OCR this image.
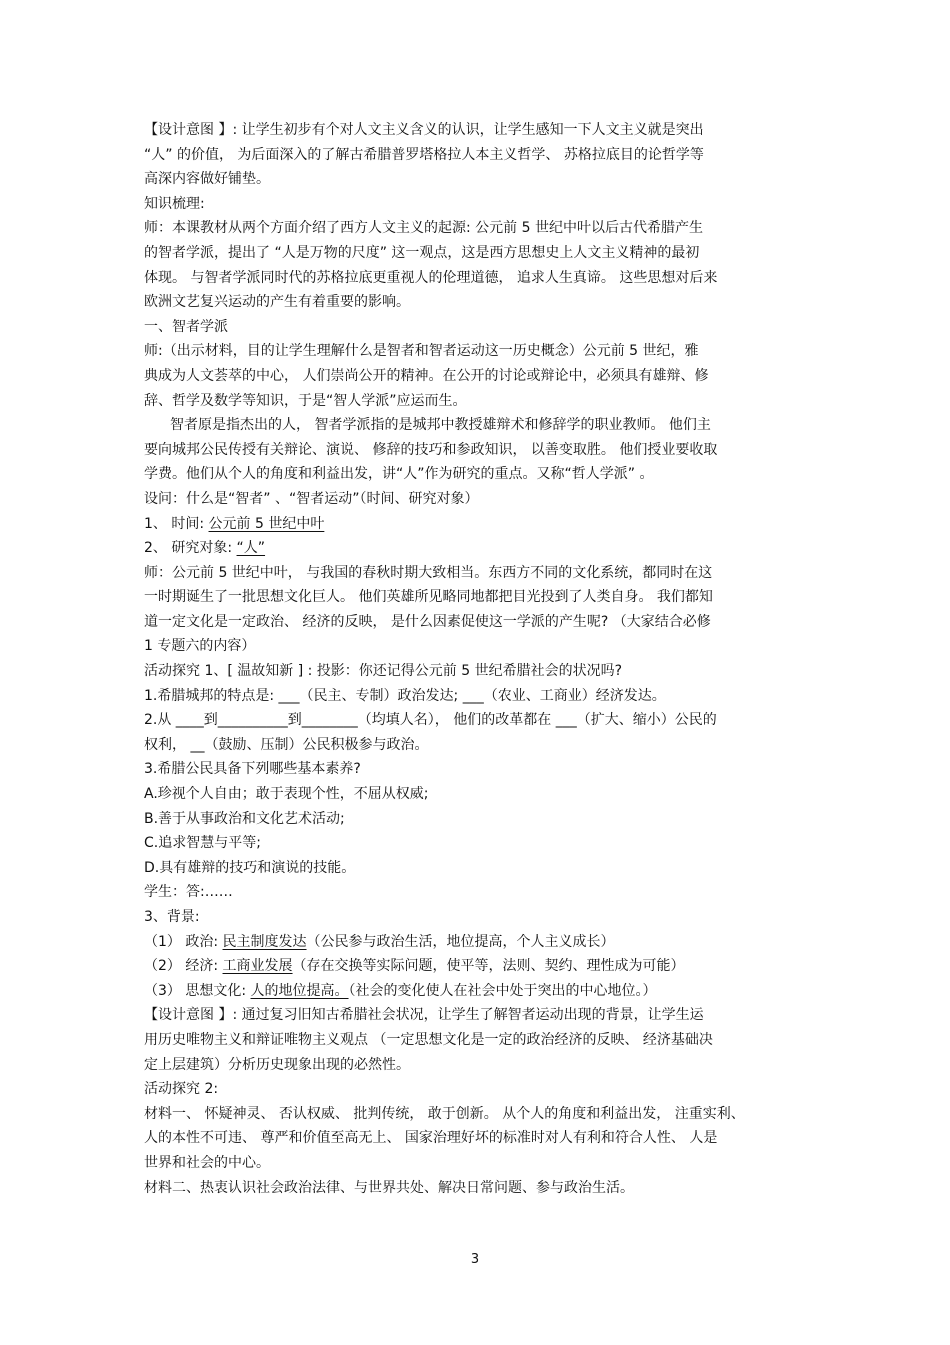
【设计意图 】: 让学生初步有个对人文主义含义的认识，让学生感知一下人文主义就是突出

“人” 的价值， 为后面深入的了解古希腊普罗塔格拉人本主义哲学、 苏格拉底目的论哲学等

高深内容做好铺垫。

知识梳理:

师：本课教材从两个方面介绍了西方人文主义的起源: 公元前 5 世纪中叶以后古代希腊产生

的智者学派，提出了 “人是万物的尺度” 这一观点，这是西方思想史上人文主义精神的最初

体现。 与智者学派同时代的苏格拉底更重视人的伦理道德， 追求人生真谛。 这些思想对后来

欧洲文艺复兴运动的产生有着重要的影响。

一、智者学派

师:（出示材料，目的让学生理解什么是智者和智者运动这一历史概念）公元前 5 世纪，雅

典成为人文荟萃的中心， 人们崇尚公开的精神。在公开的讨论或辩论中，必须具有雄辩、修

辞、哲学及数学等知识，于是“智人学派”应运而生。

智者原是指杰出的人， 智者学派指的是城邦中教授雄辩术和修辞学的职业教师。 他们主

要向城邦公民传授有关辩论、演说、 修辞的技巧和参政知识， 以善变取胜。 他们授业要收取

学费。他们从个人的角度和利益出发，讲“人”作为研究的重点。又称“哲人学派” 。

设问：什么是“智者” 、“智者运动”（时间、研究对象）

1、 时间: 公元前 5 世纪中叶

2、 研究对象: “人”

师：公元前 5 世纪中叶， 与我国的春秋时期大致相当。东西方不同的文化系统，都同时在这

一时期诞生了一批思想文化巨人。 他们英雄所见略同地都把目光投到了人类自身。 我们都知

道一定文化是一定政治、 经济的反映， 是什么因素促使这一学派的产生呢? （大家结合必修

1 专题六的内容）

活动探究 1、[ 温故知新 ] : 投影：你还记得公元前 5 世纪希腊社会的状况吗?

1.希腊城邦的特点是: ___（民主、专制）政治发达; ___（农业、工商业）经济发达。

2.从 ____到__________到________（均填人名）， 他们的改革都在 ___（扩大、缩小）公民的

权利， __（鼓励、压制）公民积极参与政治。

3.希腊公民具备下列哪些基本素养?

A.珍视个人自由；敢于表现个性，不屈从权威;

B.善于从事政治和文化艺术活动;

C.追求智慧与平等;

D.具有雄辩的技巧和演说的技能。

学生：答:……

3、背景:

（1） 政治: 民主制度发达（公民参与政治生活，地位提高，个人主义成长）

（2） 经济: 工商业发展（存在交换等实际问题，使平等，法则、契约、理性成为可能）

（3） 思想文化: 人的地位提高。（社会的变化使人在社会中处于突出的中心地位。）

【设计意图 】: 通过复习旧知古希腊社会状况，让学生了解智者运动出现的背景，让学生运

用历史唯物主义和辩证唯物主义观点 （一定思想文化是一定的政治经济的反映、 经济基础决

定上层建筑）分析历史现象出现的必然性。

活动探究 2:

材料一、 怀疑神灵、 否认权威、 批判传统， 敢于创新。 从个人的角度和利益出发， 注重实利、

人的本性不可违、 尊严和价值至高无上、 国家治理好坏的标准时对人有利和符合人性、 人是

世界和社会的中心。

材料二、热衷认识社会政治法律、与世界共处、解决日常问题、参与政治生活。

3
